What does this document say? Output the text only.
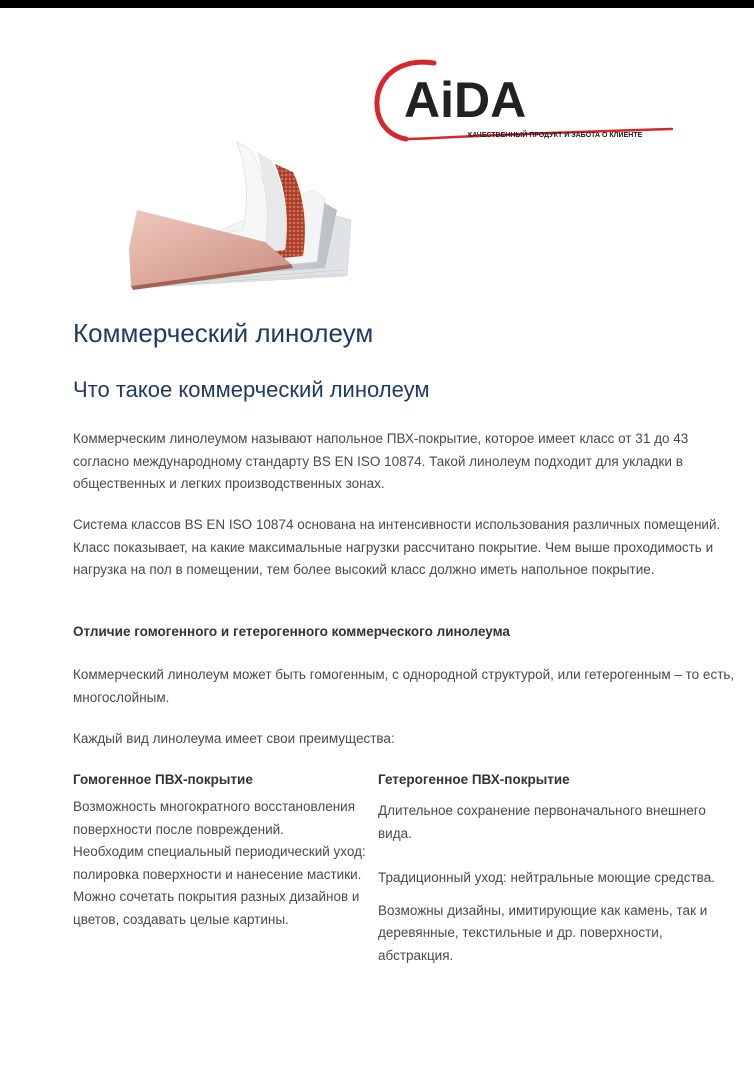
AiDA
КАЧЕСТВЕННЫЙ ПРОДУКТ И ЗАБОТА О КЛИЕНТЕ
Коммерческий линолеум
Что такое коммерческий линолеум

Коммерческим линолеумом называют напольное ПВХ-покрытие, которое имеет класс от 31 до 43 согласно международному стандарту BS EN ISO 10874. Такой линолеум подходит для укладки в общественных и легких производственных зонах.

Система классов BS EN ISO 10874 основана на интенсивности использования различных помещений. Класс показывает, на какие максимальные нагрузки рассчитано покрытие. Чем выше проходимость и нагрузка на пол в помещении, тем более высокий класс должно иметь напольное покрытие.

Отличие гомогенного и гетерогенного коммерческого линолеума

Коммерческий линолеум может быть гомогенным, с однородной структурой, или гетерогенным – то есть, многослойным.

Каждый вид линолеума имеет свои преимущества:

Гомогенное ПВХ-покрытие

Возможность многократного восстановления поверхности после повреждений.

Необходим специальный периодический уход: полировка поверхности и нанесение мастики.

Можно сочетать покрытия разных дизайнов и цветов, создавать целые картины.

Гетерогенное ПВХ-покрытие

Длительное сохранение первоначального внешнего вида.

Традиционный уход: нейтральные моющие средства.

Возможны дизайны, имитирующие как камень, так и деревянные, текстильные и др. поверхности, абстракция.
